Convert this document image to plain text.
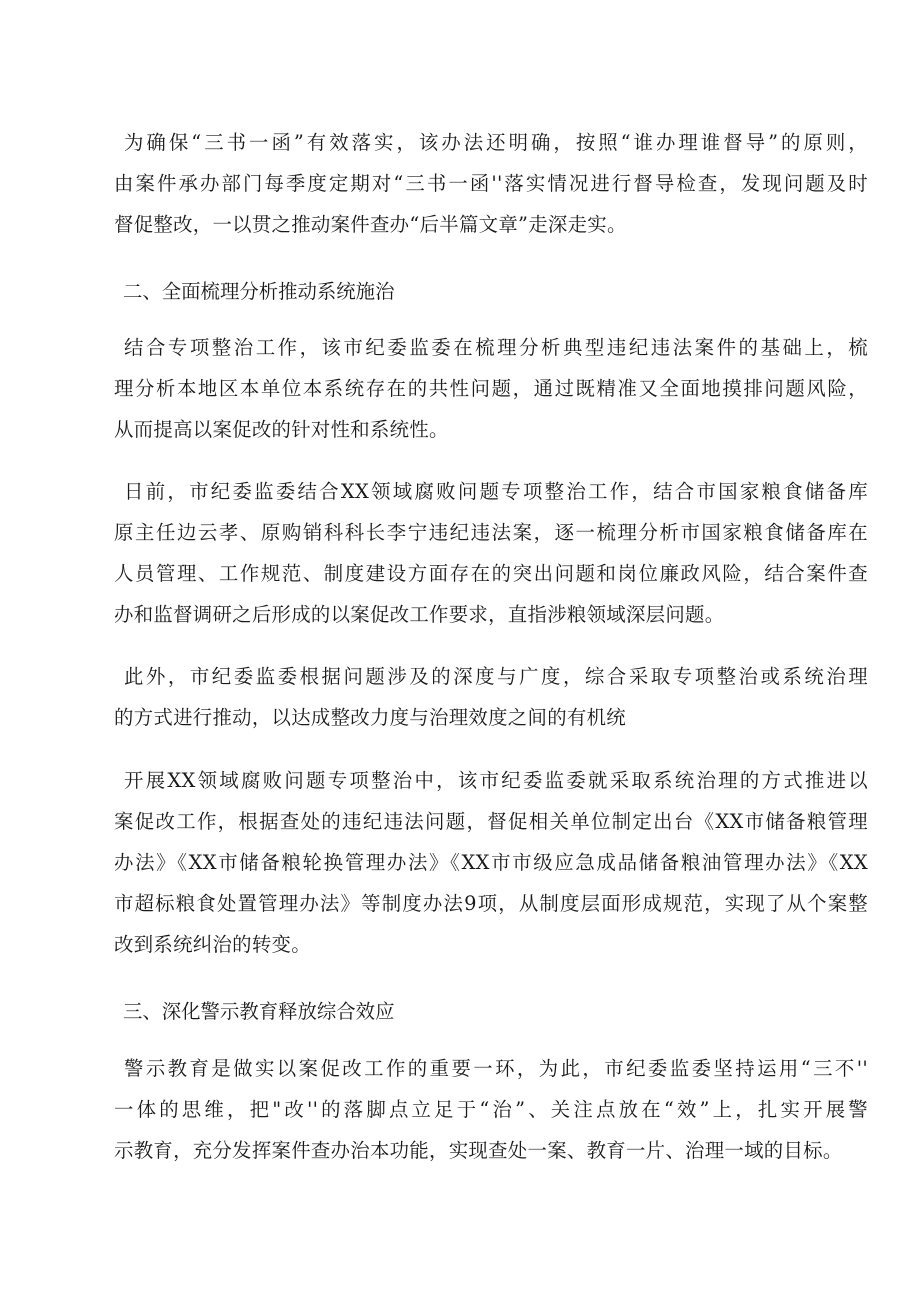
为确保“三书一函”有效落实，该办法还明确，按照“谁办理谁督导”的原则，
由案件承办部门每季度定期对“三书一函''落实情况进行督导检查，发现问题及时
督促整改，一以贯之推动案件查办“后半篇文章”走深走实。

二、全面梳理分析推动系统施治

结合专项整治工作，该市纪委监委在梳理分析典型违纪违法案件的基础上，梳
理分析本地区本单位本系统存在的共性问题，通过既精准又全面地摸排问题风险，
从而提高以案促改的针对性和系统性。

日前，市纪委监委结合XX领域腐败问题专项整治工作，结合市国家粮食储备库
原主任边云孝、原购销科科长李宁违纪违法案，逐一梳理分析市国家粮食储备库在
人员管理、工作规范、制度建设方面存在的突出问题和岗位廉政风险，结合案件查
办和监督调研之后形成的以案促改工作要求，直指涉粮领域深层问题。

此外，市纪委监委根据问题涉及的深度与广度，综合采取专项整治或系统治理
的方式进行推动，以达成整改力度与治理效度之间的有机统

开展XX领域腐败问题专项整治中，该市纪委监委就采取系统治理的方式推进以
案促改工作，根据查处的违纪违法问题，督促相关单位制定出台《XX市储备粮管理
办法》《XX市储备粮轮换管理办法》《XX市市级应急成品储备粮油管理办法》《XX
市超标粮食处置管理办法》等制度办法9项，从制度层面形成规范，实现了从个案整
改到系统纠治的转变。

三、深化警示教育释放综合效应

警示教育是做实以案促改工作的重要一环，为此，市纪委监委坚持运用“三不''
一体的思维，把"改''的落脚点立足于“治”、关注点放在“效”上，扎实开展警
示教育，充分发挥案件查办治本功能，实现查处一案、教育一片、治理一域的目标。
